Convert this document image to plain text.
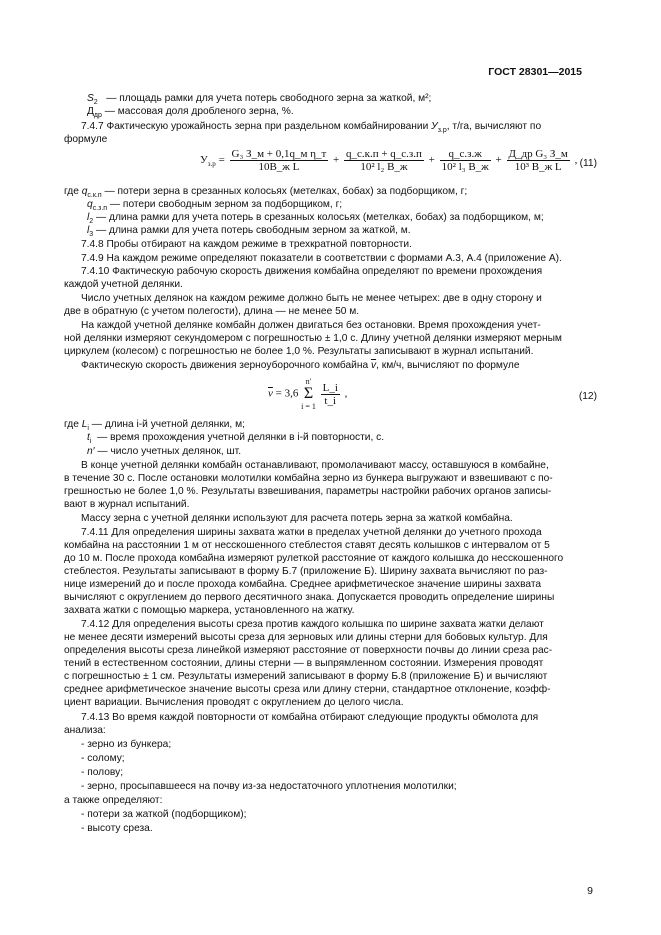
ГОСТ 28301—2015
$S_2$ — площадь рамки для учета потерь свободного зерна за жаткой, м²;
$Д_{др}$ — массовая доля дробленого зерна, %.
7.4.7 Фактическую урожайность зерна при раздельном комбайнировании $У_{з.р}$, т/га, вычисляют по
формуле
$У_{з.р} = \frac{\text{G₃ З\_м + 0,1q\_м η\_т}}{\text{10B\_ж L}} + \frac{q\_с.к.п + q\_с.з.п}{\text{10² l₂ B\_ж}} + \frac{q\_с.з.ж}{\text{10² l₃ B\_ж}} + \frac{\text{Д\_др G₃ З\_м}}{\text{10³ B\_ж L}}$ , (11)
где $q_{с.к.п}$ — потери зерна в срезанных колосьях (метелках, бобах) за подборщиком, г;
$q_{с.з.п}$ — потери свободным зерном за подборщиком, г;
$l_2$ — длина рамки для учета потерь в срезанных колосьях (метелках, бобах) за подборщиком, м;
$l_3$ — длина рамки для учета потерь свободным зерном за жаткой, м.
7.4.8 Пробы отбирают на каждом режиме в трехкратной повторности.
7.4.9 На каждом режиме определяют показатели в соответствии с формами А.3, А.4 (приложение А).
7.4.10 Фактическую рабочую скорость движения комбайна определяют по времени прохождения
каждой учетной делянки.
Число учетных делянок на каждом режиме должно быть не менее четырех: две в одну сторону и
две в обратную (с учетом полегости), длина — не менее 50 м.
На каждой учетной делянке комбайн должен двигаться без остановки. Время прохождения учет-
ной делянки измеряют секундомером с погрешностью ± 1,0 с. Длину учетной делянки измеряют мерным
циркулем (колесом) с погрешностью не более 1,0 %. Результаты записывают в журнал испытаний.
Фактическую скорость движения зерноуборочного комбайна $\overline{v}$, км/ч, вычисляют по формуле
$\overline{v} = 3,6$
n′
Σ
i = 1
$\frac{L\_i}{t\_i}$ ,	(12)
где $L_i$ — длина i-й учетной делянки, м;
$t_i$ — время прохождения учетной делянки в i-й повторности, с.
n′ — число учетных делянок, шт.
В конце учетной делянки комбайн останавливают, промолачивают массу, оставшуюся в комбайне,
в течение 30 с. После остановки молотилки комбайна зерно из бункера выгружают и взвешивают с по-
грешностью не более 1,0 %. Результаты взвешивания, параметры настройки рабочих органов записы-
вают в журнал испытаний.
Массу зерна с учетной делянки используют для расчета потерь зерна за жаткой комбайна.
7.4.11 Для определения ширины захвата жатки в пределах учетной делянки до учетного прохода
комбайна на расстоянии 1 м от несскошенного стеблестоя ставят десять колышков с интервалом от 5
до 10 м. После прохода комбайна измеряют рулеткой расстояние от каждого колышка до несскошенного
стеблестоя. Результаты записывают в форму Б.7 (приложение Б). Ширину захвата вычисляют по раз-
нице измерений до и после прохода комбайна. Среднее арифметическое значение ширины захвата
вычисляют с округлением до первого десятичного знака. Допускается проводить определение ширины
захвата жатки с помощью маркера, установленного на жатку.
7.4.12 Для определения высоты среза против каждого колышка по ширине захвата жатки делают
не менее десяти измерений высоты среза для зерновых или длины стерни для бобовых культур. Для
определения высоты среза линейкой измеряют расстояние от поверхности почвы до линии среза рас-
тений в естественном состоянии, длины стерни — в выпрямленном состоянии. Измерения проводят
с погрешностью ± 1 см. Результаты измерений записывают в форму Б.8 (приложение Б) и вычисляют
среднее арифметическое значение высоты среза или длину стерни, стандартное отклонение, коэфф-
циент вариации. Вычисления проводят с округлением до целого числа.
7.4.13 Во время каждой повторности от комбайна отбирают следующие продукты обмолота для
анализа:
- зерно из бункера;
- солому;
- полову;
- зерно, просыпавшееся на почву из-за недостаточного уплотнения молотилки;
а также определяют:
- потери за жаткой (подборщиком);
- высоту среза.
9
